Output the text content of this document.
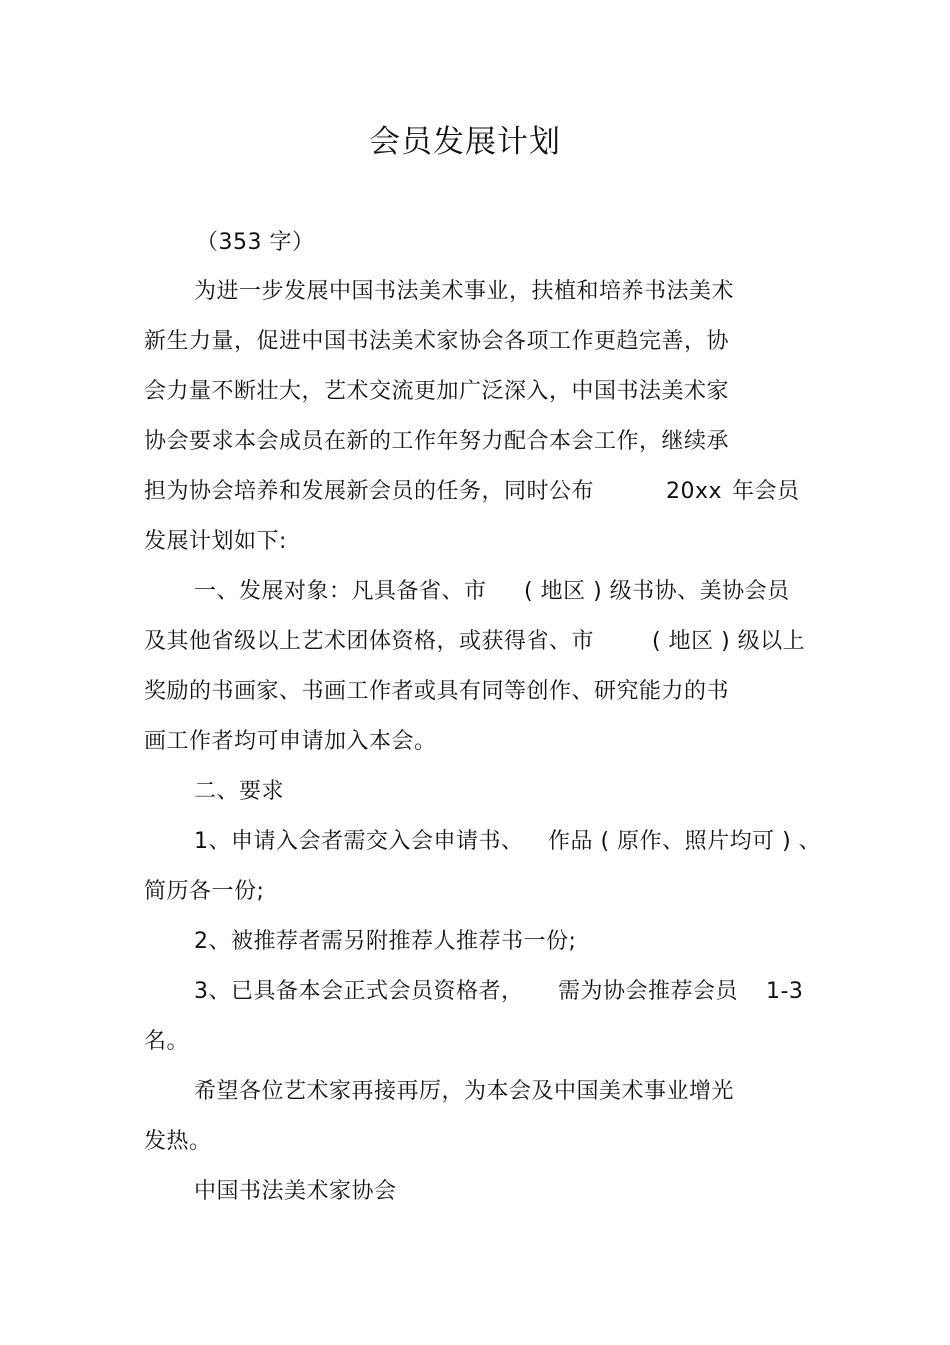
会员发展计划
（353 字）
为进一步发展中国书法美术事业，扶植和培养书法美术
新生力量，促进中国书法美术家协会各项工作更趋完善，协
会力量不断壮大，艺术交流更加广泛深入，中国书法美术家
协会要求本会成员在新的工作年努力配合本会工作，继续承
担为协会培养和发展新会员的任务，同时公布	20xx 年会员
发展计划如下:
一、发展对象：凡具备省、市 ( 地区 ) 级书协、美协会员
及其他省级以上艺术团体资格，或获得省、市	( 地区 ) 级以上
奖励的书画家、书画工作者或具有同等创作、研究能力的书
画工作者均可申请加入本会。
二、要求
1、申请入会者需交入会申请书、 作品 ( 原作、照片均可 ) 、
简历各一份;
2、被推荐者需另附推荐人推荐书一份;
3、已具备本会正式会员资格者， 需为协会推荐会员 1-3
名。
希望各位艺术家再接再厉，为本会及中国美术事业增光
发热。
中国书法美术家协会
